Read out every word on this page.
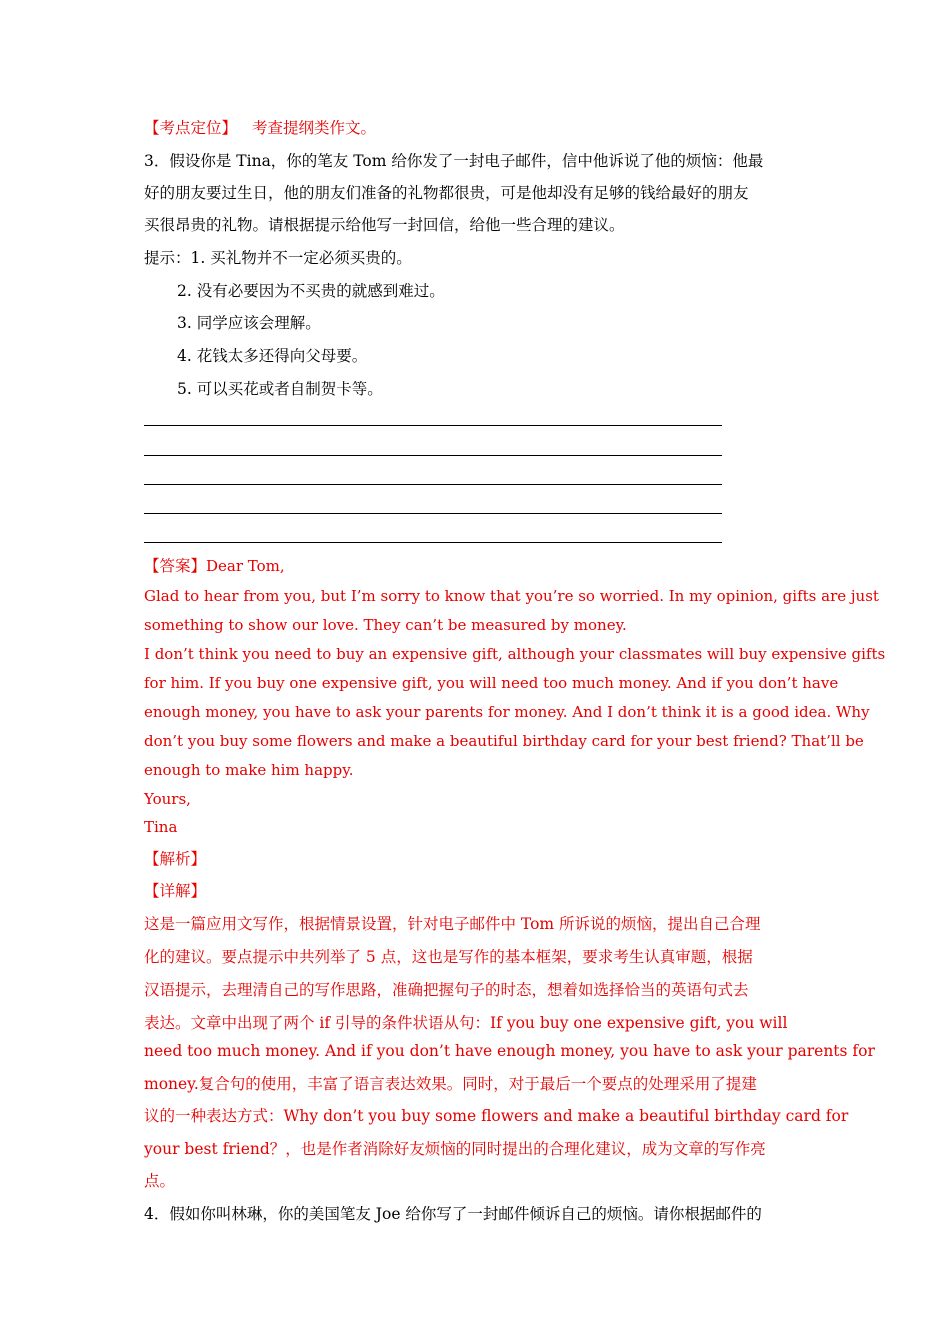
【考点定位】 考查提纲类作文。
3．假设你是 Tina，你的笔友 Tom 给你发了一封电子邮件，信中他诉说了他的烦恼：他最
好的朋友要过生日，他的朋友们准备的礼物都很贵，可是他却没有足够的钱给最好的朋友
买很昂贵的礼物。请根据提示给他写一封回信，给他一些合理的建议。
提示：1. 买礼物并不一定必须买贵的。
2. 没有必要因为不买贵的就感到难过。
3. 同学应该会理解。
4. 花钱太多还得向父母要。
5. 可以买花或者自制贺卡等。
【答案】Dear Tom,
Glad to hear from you, but I’m sorry to know that you’re so worried. In my opinion, gifts are just
something to show our love. They can’t be measured by money.
I don’t think you need to buy an expensive gift, although your classmates will buy expensive gifts
for him. If you buy one expensive gift, you will need too much money. And if you don’t have
enough money, you have to ask your parents for money. And I don’t think it is a good idea. Why
don’t you buy some flowers and make a beautiful birthday card for your best friend? That’ll be
enough to make him happy.
Yours,
Tina
【解析】
【详解】
这是一篇应用文写作，根据情景设置，针对电子邮件中 Tom 所诉说的烦恼，提出自己合理
化的建议。要点提示中共列举了 5 点，这也是写作的基本框架，要求考生认真审题，根据
汉语提示，去理清自己的写作思路，准确把握句子的时态，想着如选择恰当的英语句式去
表达。文章中出现了两个 if 引导的条件状语从句：If you buy one expensive gift, you will
need too much money. And if you don’t have enough money, you have to ask your parents for
money.复合句的使用，丰富了语言表达效果。同时，对于最后一个要点的处理采用了提建
议的一种表达方式：Why don’t you buy some flowers and make a beautiful birthday card for
your best friend？，也是作者消除好友烦恼的同时提出的合理化建议，成为文章的写作亮
点。
4．假如你叫林琳，你的美国笔友 Joe 给你写了一封邮件倾诉自己的烦恼。请你根据邮件的
